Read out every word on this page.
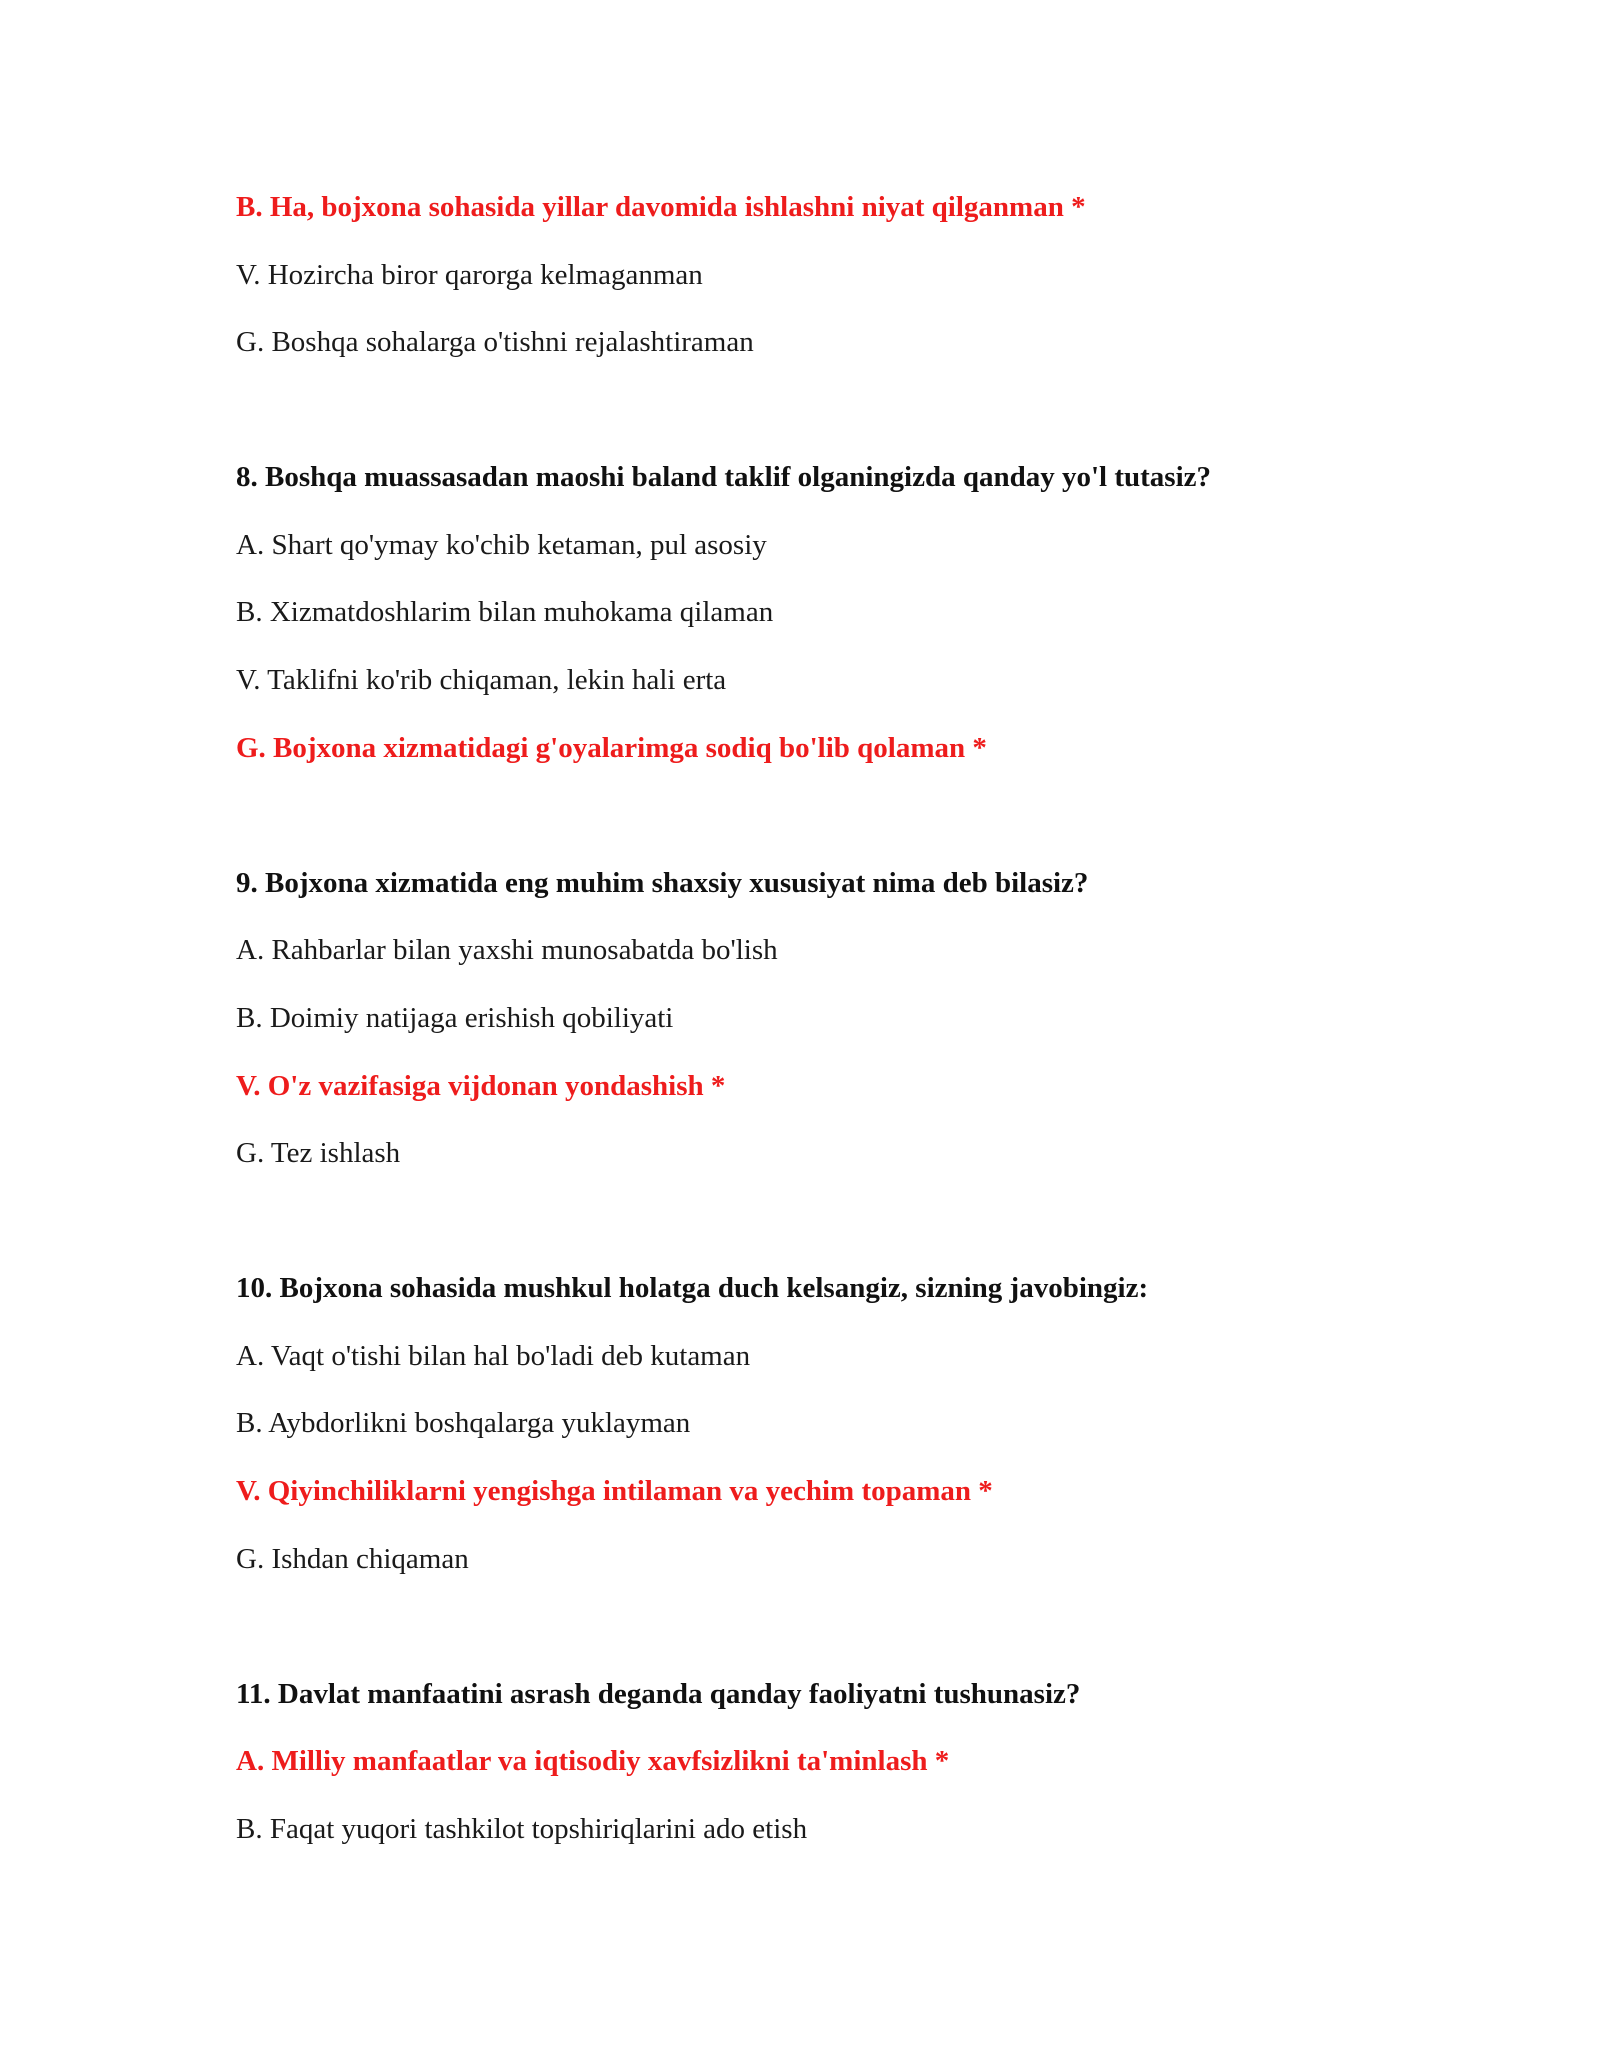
B. Ha, bojxona sohasida yillar davomida ishlashni niyat qilganman *

V. Hozircha biror qarorga kelmaganman

G. Boshqa sohalarga o'tishni rejalashtiraman

8. Boshqa muassasadan maoshi baland taklif olganingizda qanday yo'l tutasiz?

A. Shart qo'ymay ko'chib ketaman, pul asosiy

B. Xizmatdoshlarim bilan muhokama qilaman

V. Taklifni ko'rib chiqaman, lekin hali erta

G. Bojxona xizmatidagi g'oyalarimga sodiq bo'lib qolaman *

9. Bojxona xizmatida eng muhim shaxsiy xususiyat nima deb bilasiz?

A. Rahbarlar bilan yaxshi munosabatda bo'lish

B. Doimiy natijaga erishish qobiliyati

V. O'z vazifasiga vijdonan yondashish *

G. Tez ishlash

10. Bojxona sohasida mushkul holatga duch kelsangiz, sizning javobingiz:

A. Vaqt o'tishi bilan hal bo'ladi deb kutaman

B. Aybdorlikni boshqalarga yuklayman

V. Qiyinchiliklarni yengishga intilaman va yechim topaman *

G. Ishdan chiqaman

11. Davlat manfaatini asrash deganda qanday faoliyatni tushunasiz?

A. Milliy manfaatlar va iqtisodiy xavfsizlikni ta'minlash *

B. Faqat yuqori tashkilot topshiriqlarini ado etish
